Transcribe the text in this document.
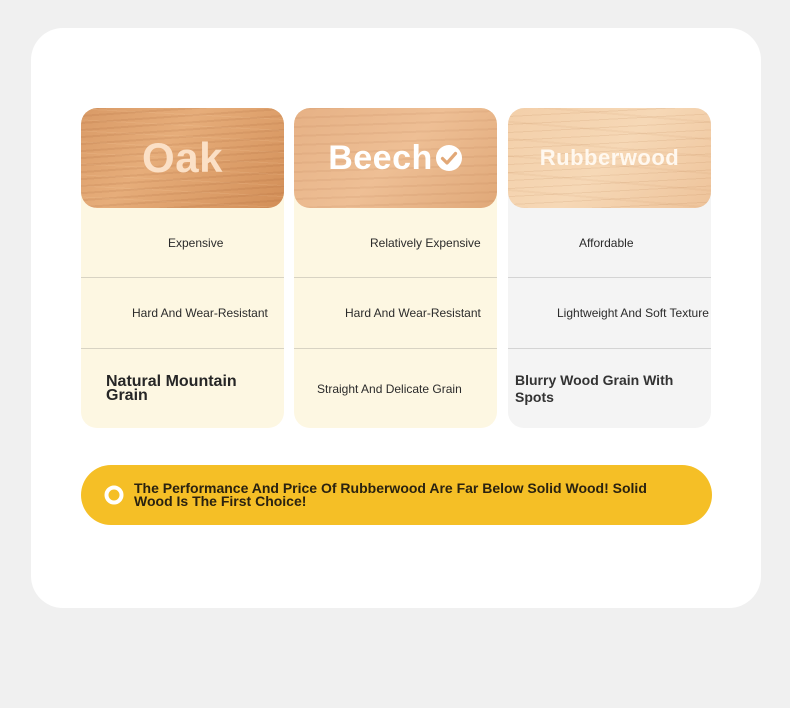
Oak
Expensive
Hard And Wear-Resistant
Natural Mountain Grain
Beech
Relatively Expensive
Hard And Wear-Resistant
Straight And Delicate Grain
Rubberwood
Affordable
Lightweight And Soft Texture
Blurry Wood Grain With Spots
The Performance And Price Of Rubberwood Are Far Below Solid Wood! Solid Wood Is The First Choice!
